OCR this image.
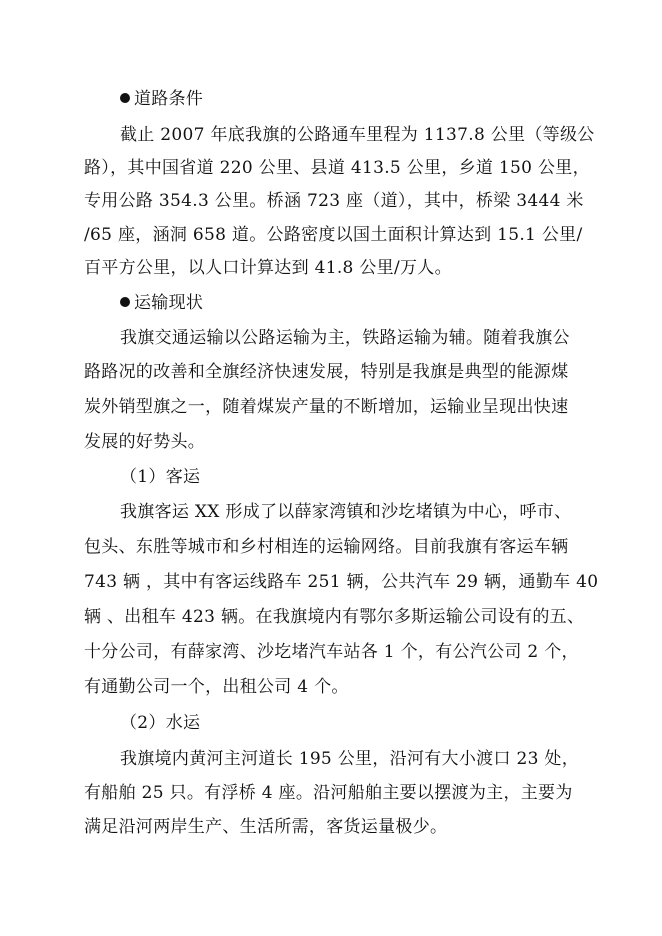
道路条件
截止 2007 年底我旗的公路通车里程为 1137.8 公里（等级公
路），其中国省道 220 公里、县道 413.5 公里，乡道 150 公里，
专用公路 354.3 公里。桥涵 723 座（道），其中，桥梁 3444 米
/65 座，涵洞 658 道。公路密度以国土面积计算达到 15.1 公里/
百平方公里，以人口计算达到 41.8 公里/万人。
运输现状
我旗交通运输以公路运输为主，铁路运输为辅。随着我旗公
路路况的改善和全旗经济快速发展，特别是我旗是典型的能源煤
炭外销型旗之一，随着煤炭产量的不断增加，运输业呈现出快速
发展的好势头。
（1）客运
我旗客运 XX 形成了以薛家湾镇和沙圪堵镇为中心，呼市、
包头、东胜等城市和乡村相连的运输网络。目前我旗有客运车辆
743 辆 ，其中有客运线路车 251 辆，公共汽车 29 辆，通勤车 40
辆 、出租车 423 辆。在我旗境内有鄂尔多斯运输公司设有的五、
十分公司，有薛家湾、沙圪堵汽车站各 1 个，有公汽公司 2 个，
有通勤公司一个，出租公司 4 个。
（2）水运
我旗境内黄河主河道长 195 公里，沿河有大小渡口 23 处，
有船舶 25 只。有浮桥 4 座。沿河船舶主要以摆渡为主，主要为
满足沿河两岸生产、生活所需，客货运量极少。
